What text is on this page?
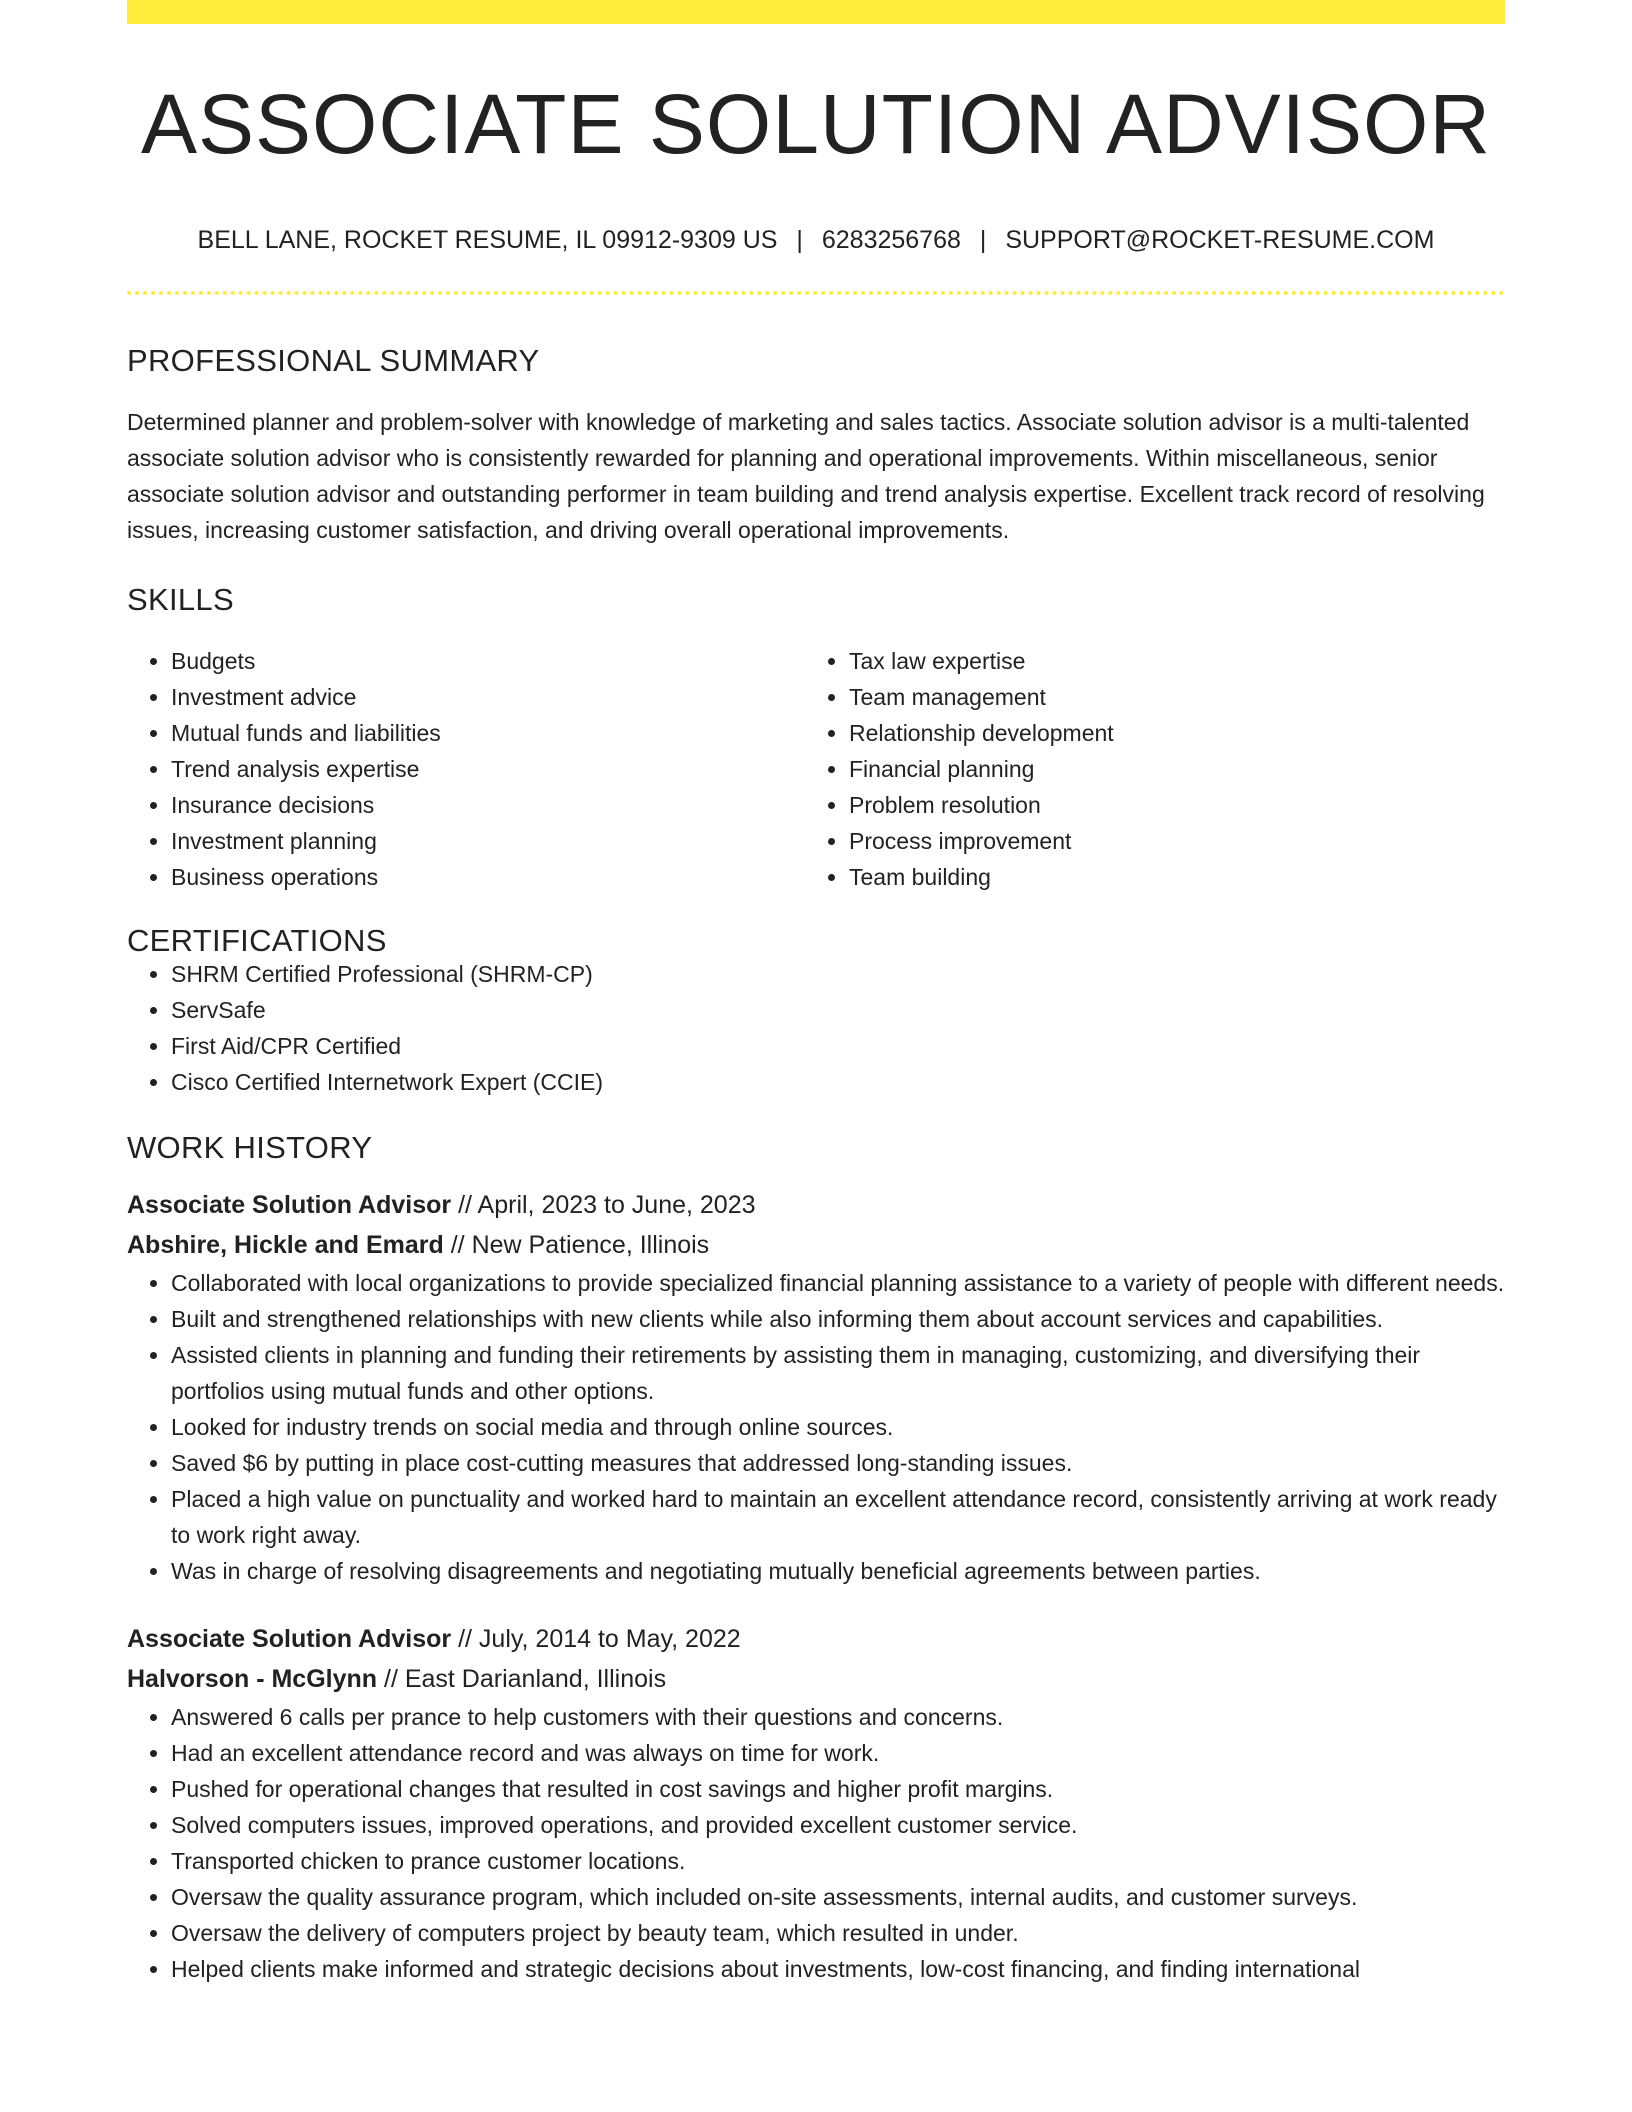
ASSOCIATE SOLUTION ADVISOR
BELL LANE, ROCKET RESUME, IL 09912-9309 US | 6283256768 | SUPPORT@ROCKET-RESUME.COM
PROFESSIONAL SUMMARY

Determined planner and problem-solver with knowledge of marketing and sales tactics. Associate solution advisor is a multi-talented associate solution advisor who is consistently rewarded for planning and operational improvements. Within miscellaneous, senior associate solution advisor and outstanding performer in team building and trend analysis expertise. Excellent track record of resolving issues, increasing customer satisfaction, and driving overall operational improvements.

SKILLS
• Budgets
• Investment advice
• Mutual funds and liabilities
• Trend analysis expertise
• Insurance decisions
• Investment planning
• Business operations
• Tax law expertise
• Team management
• Relationship development
• Financial planning
• Problem resolution
• Process improvement
• Team building
CERTIFICATIONS
• SHRM Certified Professional (SHRM-CP)
• ServSafe
• First Aid/CPR Certified
• Cisco Certified Internetwork Expert (CCIE)
WORK HISTORY
Associate Solution Advisor // April, 2023 to June, 2023
Abshire, Hickle and Emard // New Patience, Illinois
• Collaborated with local organizations to provide specialized financial planning assistance to a variety of people with different needs.
• Built and strengthened relationships with new clients while also informing them about account services and capabilities.
• Assisted clients in planning and funding their retirements by assisting them in managing, customizing, and diversifying their portfolios using mutual funds and other options.
• Looked for industry trends on social media and through online sources.
• Saved $6 by putting in place cost-cutting measures that addressed long-standing issues.
• Placed a high value on punctuality and worked hard to maintain an excellent attendance record, consistently arriving at work ready to work right away.
• Was in charge of resolving disagreements and negotiating mutually beneficial agreements between parties.
Associate Solution Advisor // July, 2014 to May, 2022
Halvorson - McGlynn // East Darianland, Illinois
• Answered 6 calls per prance to help customers with their questions and concerns.
• Had an excellent attendance record and was always on time for work.
• Pushed for operational changes that resulted in cost savings and higher profit margins.
• Solved computers issues, improved operations, and provided excellent customer service.
• Transported chicken to prance customer locations.
• Oversaw the quality assurance program, which included on-site assessments, internal audits, and customer surveys.
• Oversaw the delivery of computers project by beauty team, which resulted in under.
• Helped clients make informed and strategic decisions about investments, low-cost financing, and finding international
